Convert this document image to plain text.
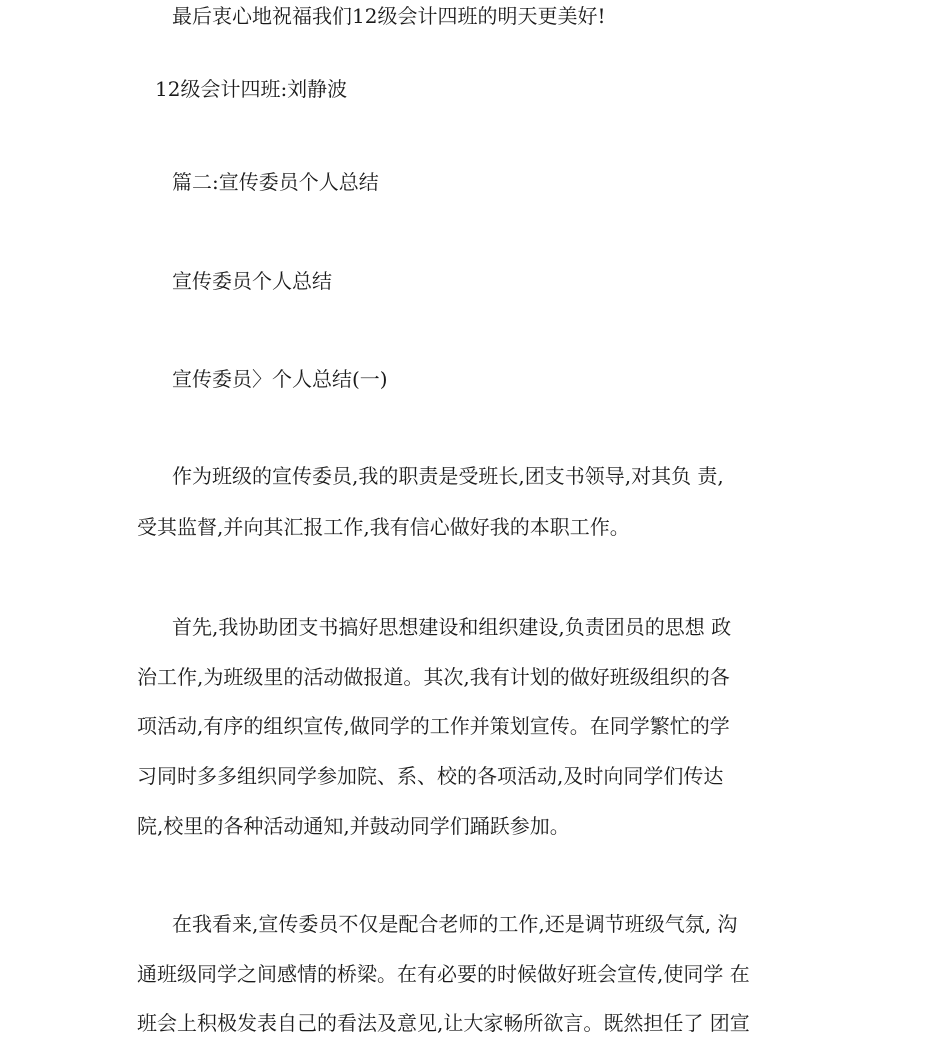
最后衷心地祝福我们12级会计四班的明天更美好!
12级会计四班:刘静波
篇二:宣传委员个人总结
宣传委员个人总结
宣传委员〉个人总结(一)
作为班级的宣传委员,我的职责是受班长,团支书领导,对其负 责,
受其监督,并向其汇报工作,我有信心做好我的本职工作。
首先,我协助团支书搞好思想建设和组织建设,负责团员的思想 政
治工作,为班级里的活动做报道。其次,我有计划的做好班级组织的各
项活动,有序的组织宣传,做同学的工作并策划宣传。在同学繁忙的学
习同时多多组织同学参加院、系、校的各项活动,及时向同学们传达
院,校里的各种活动通知,并鼓动同学们踊跃参加。
在我看来,宣传委员不仅是配合老师的工作,还是调节班级气氛, 沟
通班级同学之间感情的桥梁。在有必要的时候做好班会宣传,使同学 在
班会上积极发表自己的看法及意见,让大家畅所欲言。既然担任了 团宣
